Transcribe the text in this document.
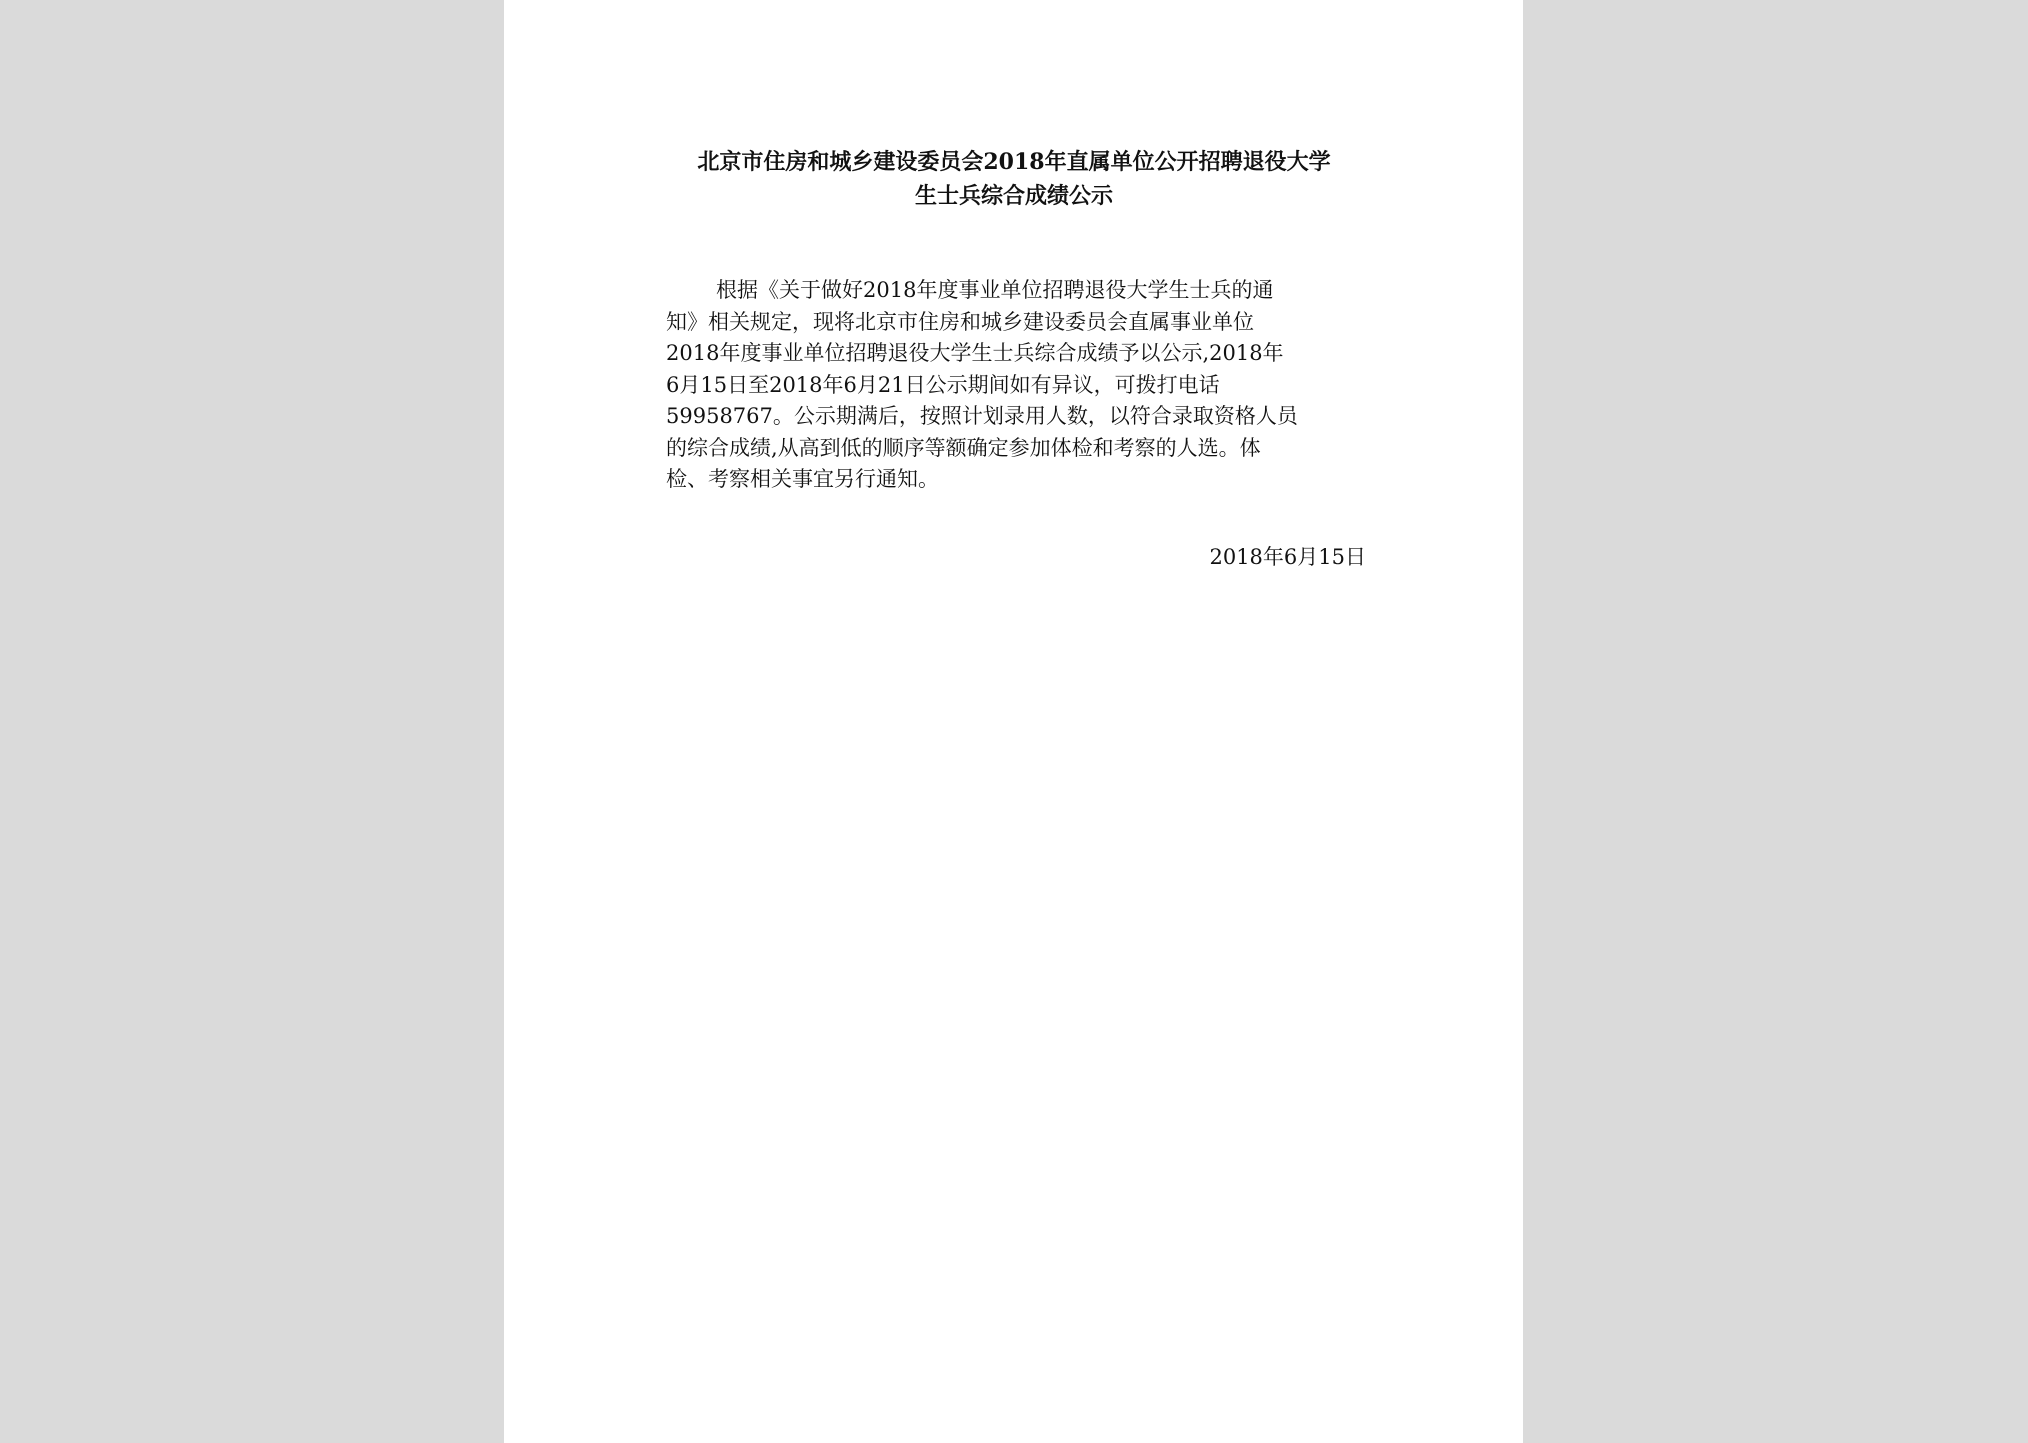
北京市住房和城乡建设委员会2018年直属单位公开招聘退役大学
生士兵综合成绩公示
根据《关于做好2018年度事业单位招聘退役大学生士兵的通
知》相关规定，现将北京市住房和城乡建设委员会直属事业单位
2018年度事业单位招聘退役大学生士兵综合成绩予以公示,2018年
6月15日至2018年6月21日公示期间如有异议，可拨打电话
59958767。公示期满后，按照计划录用人数，以符合录取资格人员
的综合成绩,从高到低的顺序等额确定参加体检和考察的人选。体
检、考察相关事宜另行通知。
2018年6月15日
